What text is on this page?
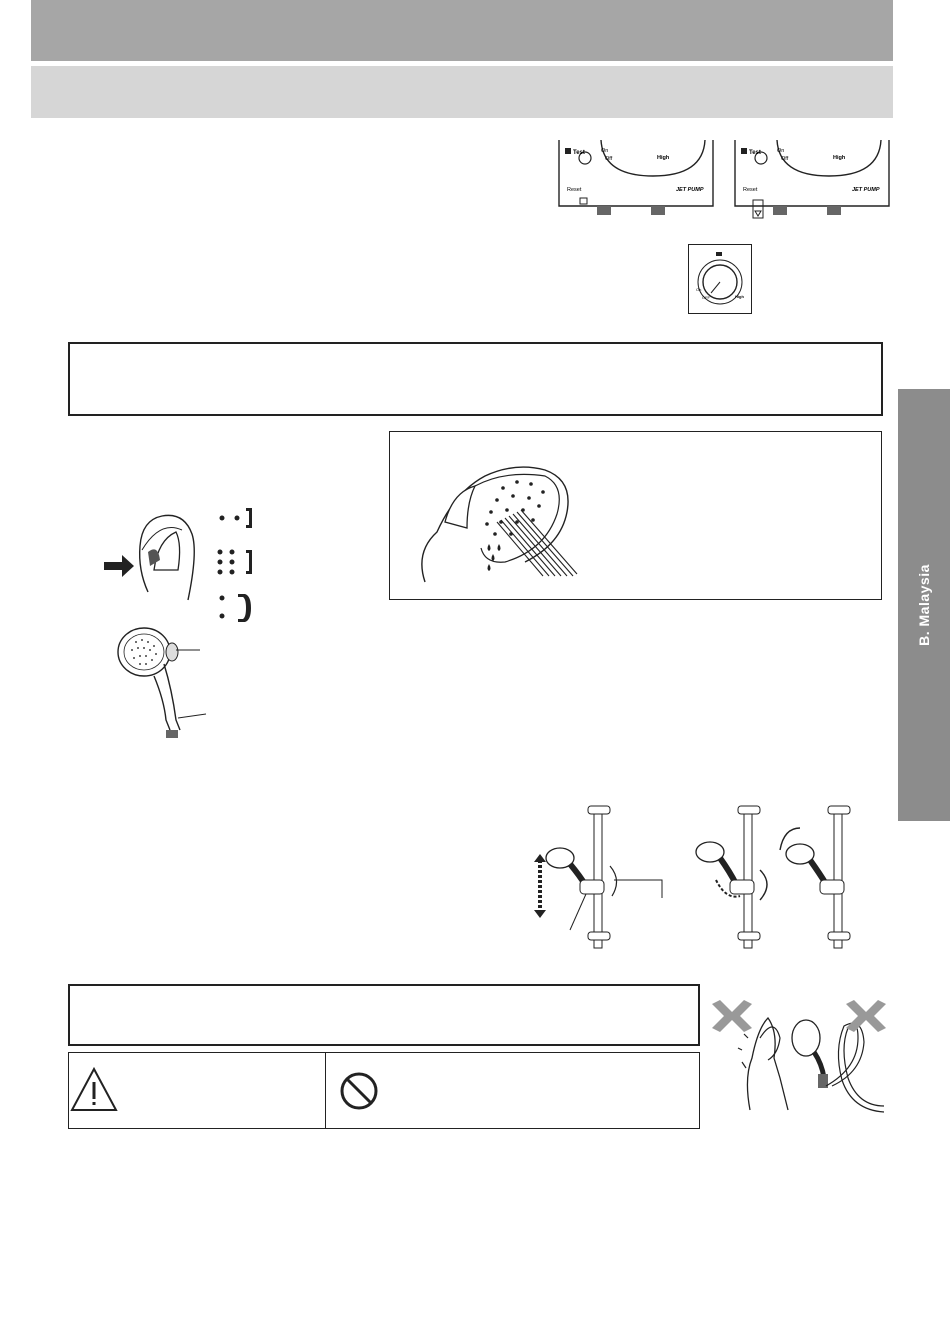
B. Malaysia
Test	On
Off	High
Reset	JET PUMP
Test	On
Off	High
Reset	JET PUMP
On
OFF	High
